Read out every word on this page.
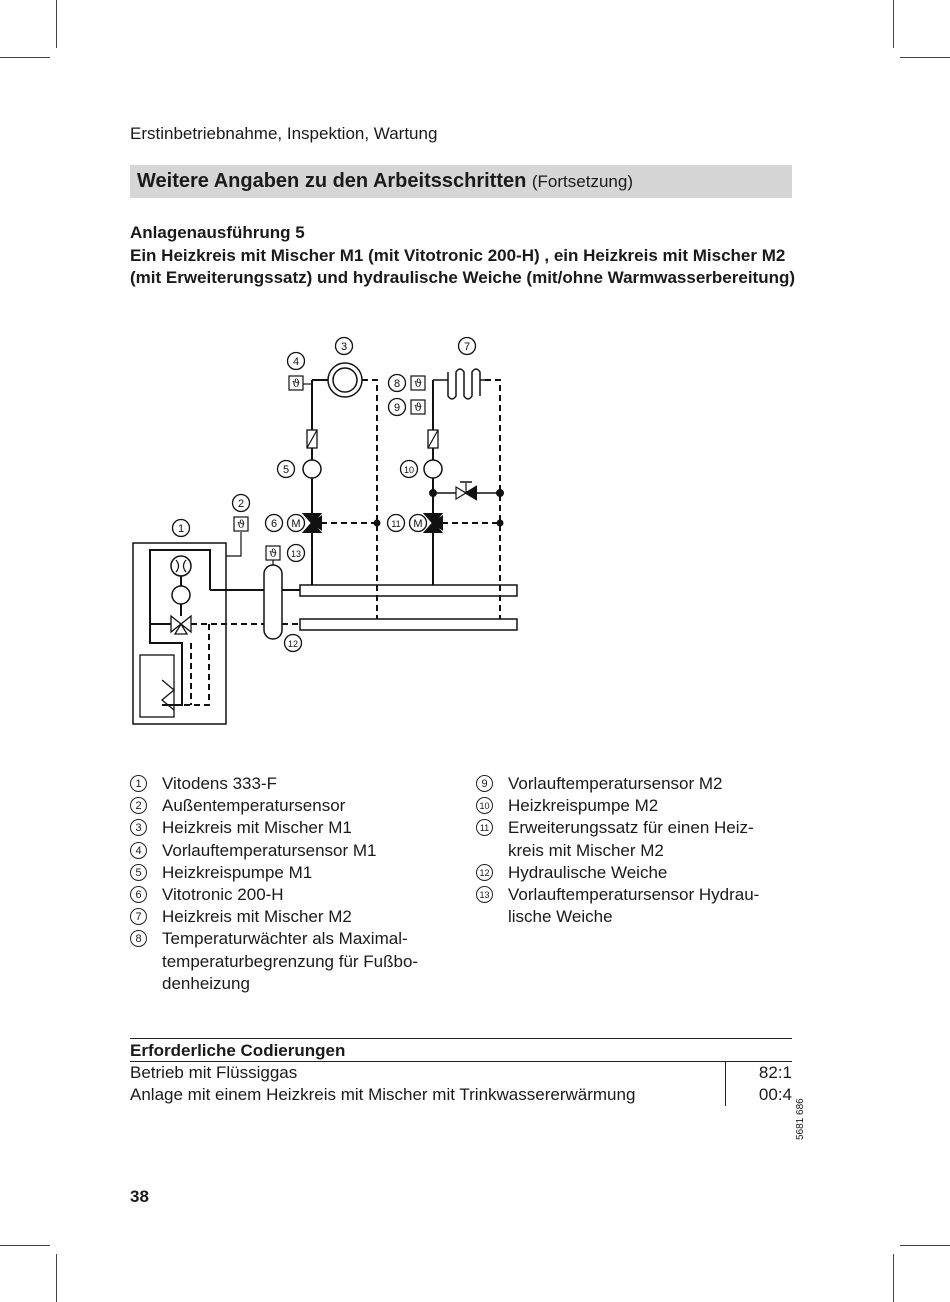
Erstinbetriebnahme, Inspektion, Wartung
Weitere Angaben zu den Arbeitsschritten (Fortsetzung)
Anlagenausführung 5
Ein Heizkreis mit Mischer M1 (mit Vitotronic 200-H) , ein Heizkreis mit Mischer M2 (mit Erweiterungssatz) und hydraulische Weiche (mit/ohne Warmwasserbereitung)
ϑ
ϑ
ϑ
ϑ
ϑ
M	M
1
2
3
4
5
6
7
8
9
10
11
12
13
1	Vitodens 333-F
2	Außentemperatursensor
3	Heizkreis mit Mischer M1
4	Vorlauftemperatursensor M1
5	Heizkreispumpe M1
6	Vitotronic 200-H
7	Heizkreis mit Mischer M2
8	Temperaturwächter als Maximal-
temperaturbegrenzung für Fußbo-
denheizung
9	Vorlauftemperatursensor M2
10 Heizkreispumpe M2
11 Erweiterungssatz für einen Heiz-
kreis mit Mischer M2
12 Hydraulische Weiche
13 Vorlauftemperatursensor Hydrau-
lische Weiche
Erforderliche Codierungen
Betrieb mit Flüssiggas	82:1
Anlage mit einem Heizkreis mit Mischer mit Trinkwassererwärmung	00:4
5681 686
38
